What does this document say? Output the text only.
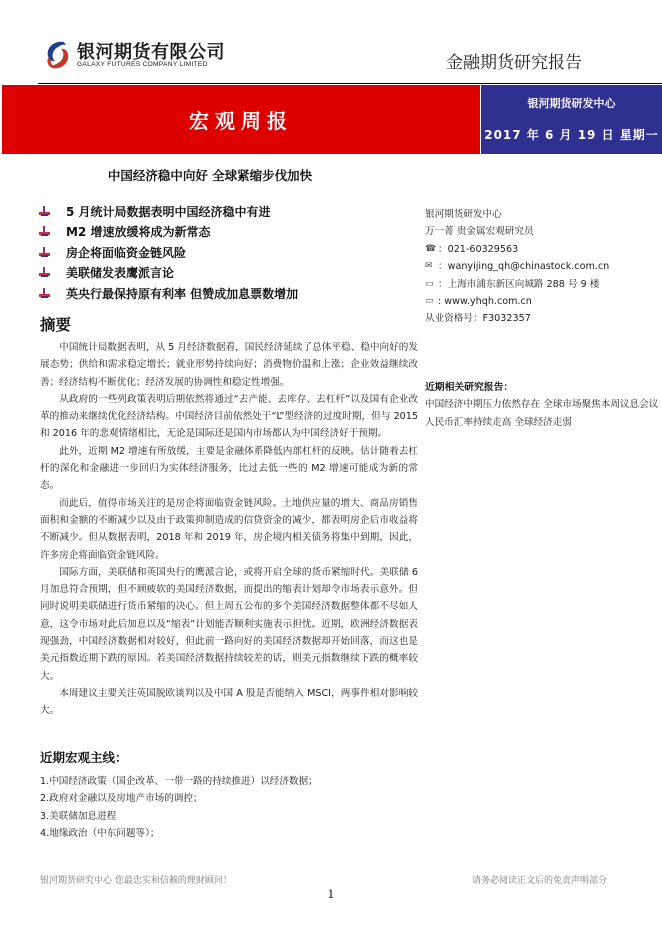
银河期货有限公司
GALAXY FUTURES COMPANY LIMITED	金融期货研究报告
宏观周报
银河期货研发中心
2017 年 6 月 19 日 星期一
中国经济稳中向好 全球紧缩步伐加快
5 月统计局数据表明中国经济稳中有进
M2 增速放缓将成为新常态
房企将面临资金链风险
美联储发表鹰派言论
英央行最保持原有利率 但赞成加息票数增加
摘要

中国统计局数据表明，从 5 月经济数据看，国民经济延续了总体平稳、稳中向好的发展态势；供给和需求稳定增长；就业形势持续向好；消费物价温和上涨；企业效益继续改善；经济结构不断优化；经济发展的协调性和稳定性增强。

从政府的一些列政策表明后期依然将通过“去产能、去库存、去杠杆”以及国有企业改革的推动来继续优化经济结构。中国经济目前依然处于“L”型经济的过度时期，但与 2015 和 2016 年的悲观情绪相比，无论是国际还是国内市场都认为中国经济好于预期。

此外，近期 M2 增速有所放缓，主要是金融体系降低内部杠杆的反映。估计随着去杠杆的深化和金融进一步回归为实体经济服务，比过去低一些的 M2 增速可能成为新的常态。

而此后，值得市场关注的是房企将面临资金链风险。土地供应量的增大、商品房销售面积和金额的不断减少以及由于政策抑制造成的信贷资金的减少，都表明房企后市收益将不断减少。但从数据表明，2018 年和 2019 年，房企境内相关债务将集中到期，因此，许多房企将面临资金链风险。

国际方面，美联储和英国央行的鹰派言论，或将开启全球的货币紧缩时代。美联储 6 月加息符合预期，但不顾疲软的美国经济数据，而提出的缩表计划却令市场表示意外。但同时说明美联储进行货币紧缩的决心。但上周五公布的多个美国经济数据整体都不尽如人意，这令市场对此后加息以及“缩表”计划能否顺利实施表示担忧。近期，欧洲经济数据表现强劲，中国经济数据相对较好，但此前一路向好的美国经济数据却开始回落，而这也是美元指数近期下跌的原因。若美国经济数据持续较差的话，则美元指数继续下跌的概率较大。

本周建议主要关注英国脱欧谈判以及中国 A 股是否能纳入 MSCI，两事件相对影响较大。

近期宏观主线：
1.中国经济政策（国企改革、一带一路的持续推进）以经济数据；
2.政府对金融以及房地产市场的调控；
3.美联储加息进程
4.地缘政治（中东问题等）；
银河期货研发中心
万一菁 贵金属宏观研究员
☎ ：021-60329563
✉ ：wanyijing_qh@chinastock.com.cn
▭ ：上海市浦东新区向城路 288 号 9 楼
▭ : www.yhqh.com.cn
从业资格号：F3032357
近期相关研究报告：
中国经济中期压力依然存在 全球市场聚焦本周议息会议
人民币汇率持续走高 全球经济走弱
银河期货研究中心 您最忠实和信赖的理财顾问！	请务必阅读正文后的免责声明部分
1
